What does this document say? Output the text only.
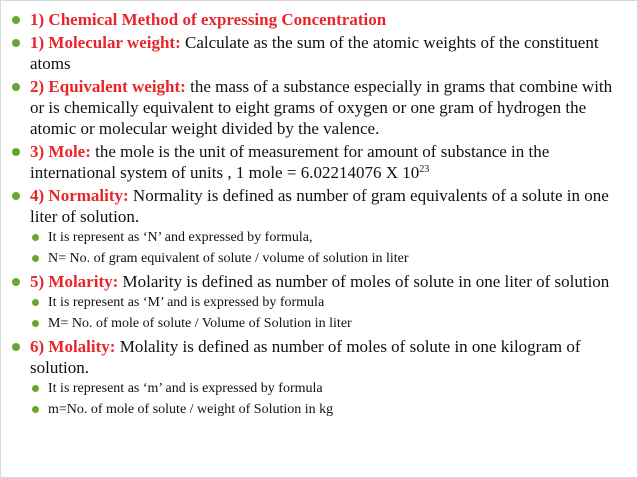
1) Chemical Method of expressing Concentration
1) Molecular weight: Calculate as the sum of the atomic weights of the constituent atoms
2) Equivalent weight: the mass of a substance especially in grams that combine with or is chemically equivalent to eight grams of oxygen or one gram of hydrogen the atomic or molecular weight divided by the valence.
3) Mole: the mole is the unit of measurement for amount of substance in the international system of units , 1 mole = 6.02214076 X $10^{23}$
4) Normality: Normality is defined as number of gram equivalents of a solute in one liter of solution.
It is represent as ‘N’ and expressed by formula,
N= No. of gram equivalent of solute / volume of solution in liter
5) Molarity: Molarity is defined as number of moles of solute in one liter of solution
It is represent as ‘M’ and is expressed by formula
M= No. of mole of solute / Volume of Solution in liter
6) Molality: Molality is defined as number of moles of solute in one kilogram of solution.
It is represent as ‘m’ and is expressed by formula
m=No. of mole of solute / weight of Solution in kg
